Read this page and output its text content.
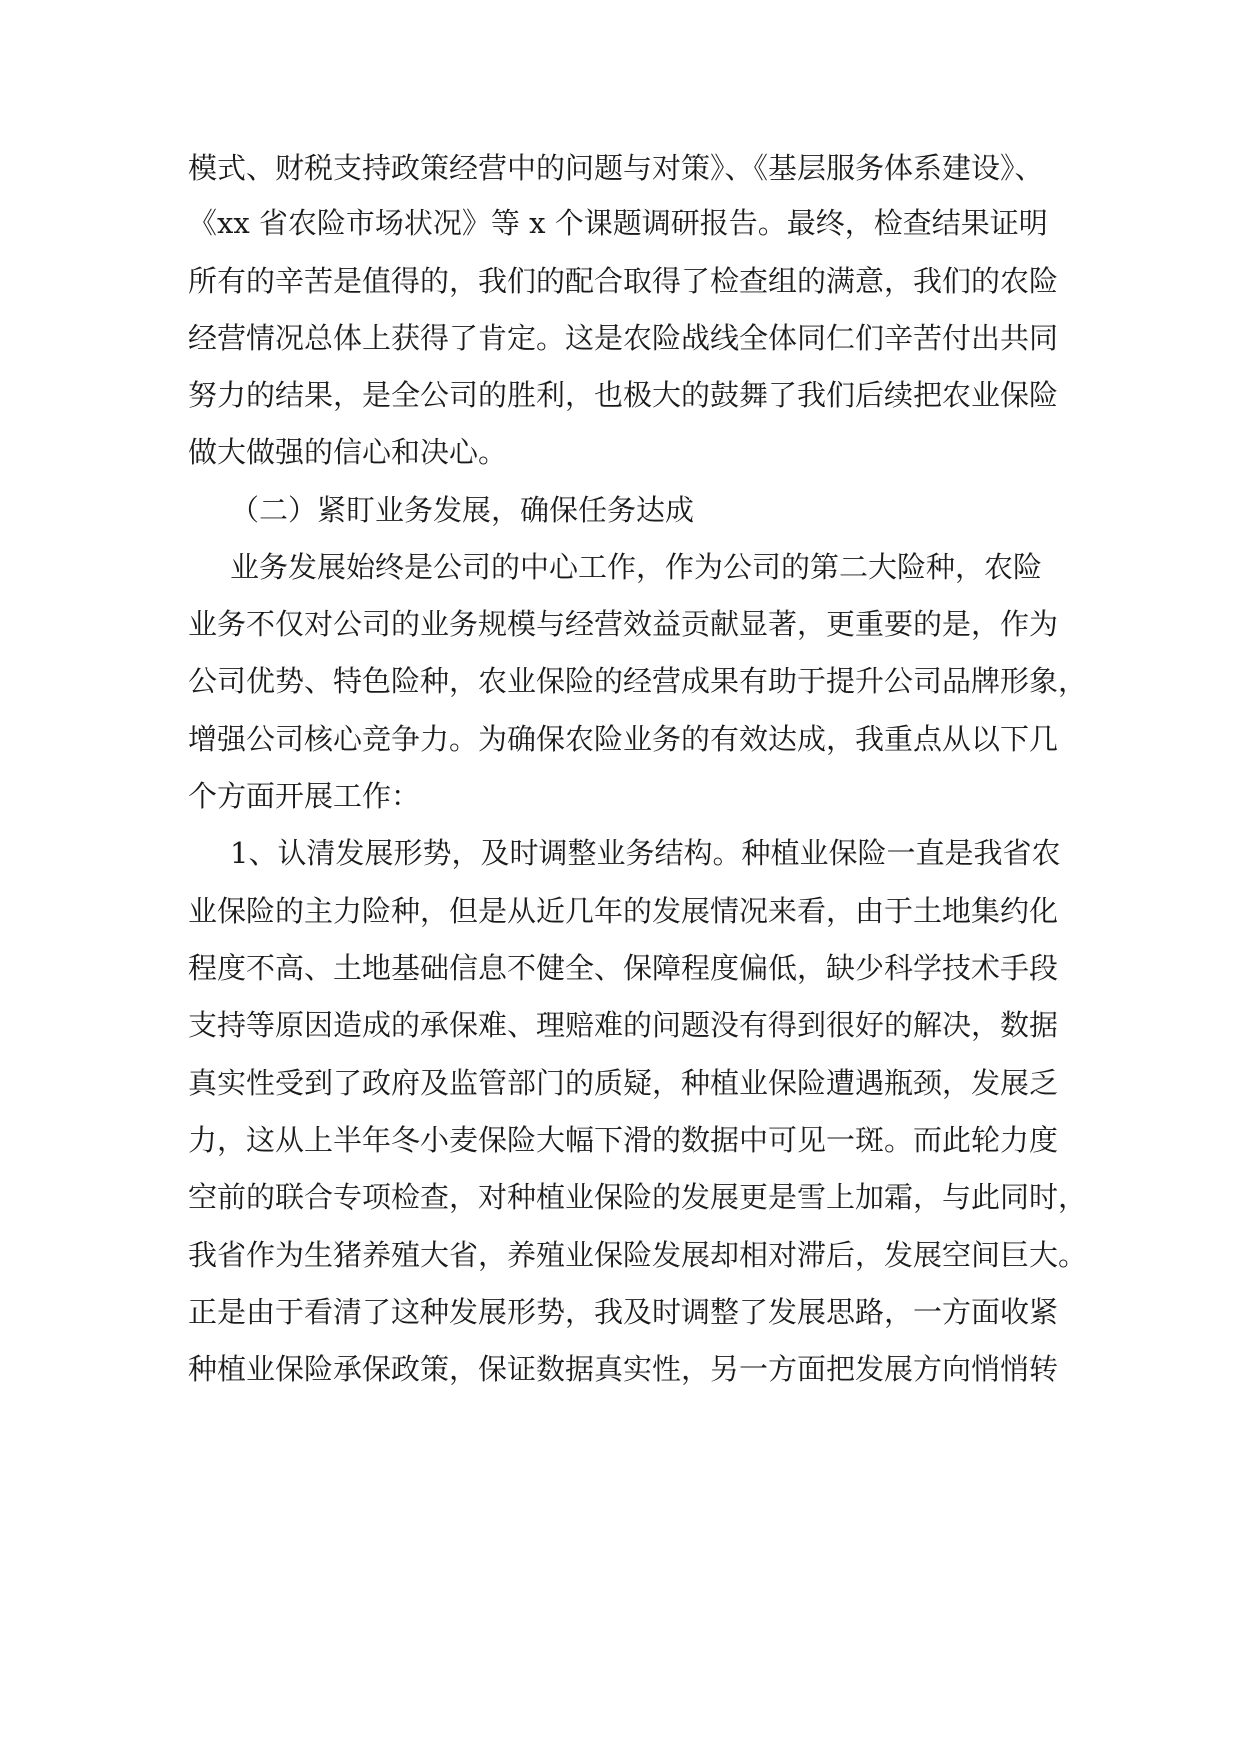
模式、财税支持政策经营中的问题与对策》、《基层服务体系建设》、
《xx 省农险市场状况》等 x 个课题调研报告。最终，检查结果证明
所有的辛苦是值得的，我们的配合取得了检查组的满意，我们的农险
经营情况总体上获得了肯定。这是农险战线全体同仁们辛苦付出共同
努力的结果，是全公司的胜利，也极大的鼓舞了我们后续把农业保险
做大做强的信心和决心。
（二）紧盯业务发展，确保任务达成
业务发展始终是公司的中心工作，作为公司的第二大险种，农险
业务不仅对公司的业务规模与经营效益贡献显著，更重要的是，作为
公司优势、特色险种，农业保险的经营成果有助于提升公司品牌形象，
增强公司核心竞争力。为确保农险业务的有效达成，我重点从以下几
个方面开展工作：
1、认清发展形势，及时调整业务结构。种植业保险一直是我省农
业保险的主力险种，但是从近几年的发展情况来看，由于土地集约化
程度不高、土地基础信息不健全、保障程度偏低，缺少科学技术手段
支持等原因造成的承保难、理赔难的问题没有得到很好的解决，数据
真实性受到了政府及监管部门的质疑，种植业保险遭遇瓶颈，发展乏
力，这从上半年冬小麦保险大幅下滑的数据中可见一斑。而此轮力度
空前的联合专项检查，对种植业保险的发展更是雪上加霜，与此同时，
我省作为生猪养殖大省，养殖业保险发展却相对滞后，发展空间巨大。
正是由于看清了这种发展形势，我及时调整了发展思路，一方面收紧
种植业保险承保政策，保证数据真实性，另一方面把发展方向悄悄转
